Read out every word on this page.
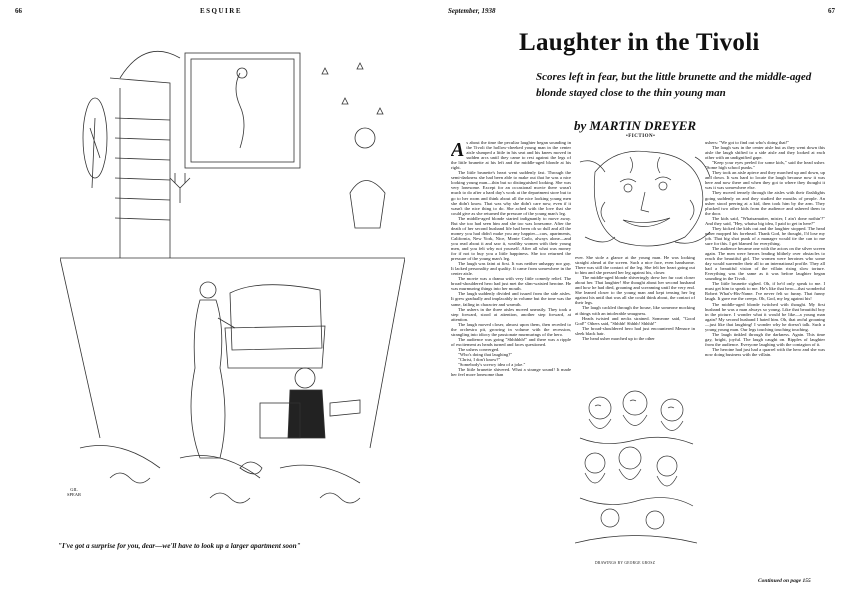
66	ESQUIRE	September, 1938	67
GIL SPEAR
"I've got a surprise for you, dear—we'll have to look up a larger apartment soon"
Laughter in the Tivoli
Scores left in fear, but the little brunette and the middle-aged blonde stayed close to the thin young man
by MARTIN DREYER
•FICTION•
A s about the time the peculiar laughter began sounding in the Tivoli the hollow-cheeked young man in the center aisle slumped a little in his seat and his knees moved in sudden arcs until they came to rest against the legs of the little brunette at his left and the middle-aged blonde at his right.

The little brunette's heart went suddenly fast. Through the semi-darkness she had been able to make out that he was a nice looking young man—thin but so distinguished looking. She was very lonesome. Except for an occasional movie there wasn't much to do after a hard day's work at the department store but to go to her room and think about all the nice looking young men she didn't know. That was why she didn't care now, even if it wasn't the nice thing to do. She ached with the love that she could give as she returned the pressure of the young man's leg.

The middle-aged blonde started indignantly to move away. But she too had seen him and she too was lonesome. After the death of her second husband life had been oh so dull and all the money you had didn't make you any happier—cars, apartments, California, New York, Nice, Monte Carlo, always alone—and you read about it and saw it, wealthy women with their young men, and you felt why not yourself. After all what was money for if not to buy you a little happiness. She too returned the pressure of the young man's leg.

The laugh was faint at first. It was neither unhappy nor gay. It lacked personality and quality. It came from somewhere in the center aisle.

The movie was a drama with very little comedy relief. The broad-shouldered hero had just met the slim-waisted heroine. He was murmuring things into her mouth.

The laugh suddenly divided and issued from the side aisles. It grew gradually and implacably in volume but the tone was the same, failing in character and warmth.

The ushers in the three aisles moved uneasily. They took a step forward, stood at attention, another step forward, at attention.

The laugh moved closer, almost upon them, then receded to the orchestra pit, growing in volume with the recession, strangling into idiocy the passionate murmurings of the hero.

The audience was going "Shhhhhh!" and there was a ripple of excitement as heads turned and faces questioned.

The ushers converged.

"Who's doing that laughing?"

"Christ, I don't know?"

"Somebody's screwy idea of a joke."

The little brunette shivered. What a strange sound! It made her feel more lonesome than

ever. She stole a glance at the young man. He was looking straight ahead at the screen. Such a nice face, even handsome. There was still the contact of the leg. She felt her heart going out to him and she pressed her leg against his, closer.

The middle-aged blonde shiveringly drew her fur coat closer about her. That laughter! She thought about her second husband and how he had died, groaning and screaming until the very end. She leaned closer to the young man and kept tensing her leg against his until that was all she could think about, the contact of their legs.

The laugh cackled through the house, like someone mocking at things with an intolerable smugness.

Heads twisted and necks strained. Someone said, "Good God!" Others said, "Shhhh! Shhhh! Shhhh!"

The broad-shouldered hero had just encountered Menace in sleek black hair.

The head usher marched up to the other

DRAWINGS BY GEORGE GROSZ

ushers: "We got to find out who's doing that!"

The laugh was in the center aisle but as they went down this aisle the laugh shifted to a side aisle and they looked at each other with an undignified gape.

"Keep your eyes peeled for some kids," said the head usher. "Some high school punks."

They took an aisle apiece and they marched up and down, up and down. It was hard to locate the laugh because now it was here and now there and when they got to where they thought it was it was somewhere else.

They moved tensely through the aisles with their flashlights going suddenly on and they studied the mouths of people. An usher stood peering at a kid, then took him by the arm. They plucked two other kids from the audience and ushered them to the door.

The kids said, "Whatsamatter, mister, I ain't done nothin'?" And they said, "Hey, whatsa big idea, I paid to get in here?"

They kicked the kids out and the laughter stopped. The head usher mopped his forehead. Thank God, he thought, I'd lose my job. That big shot punk of a manager would tie the can to me sure for this. I get blamed for everything.

The audience became one with the actors on the silver screen again. The men were heroes leading blithely over obstacles to reach the beautiful girl. The women were heroines who some day would surrender their all to an international profile. They all had a beautiful vision of the villain rising slow torture. Everything was the same as it was before laughter began sounding in the Tivoli.

The little brunette sighed. Oh, if he'd only speak to me. I must get him to speak to me. He's like that hero—that wonderful Robert What's-His-Name. I've never felt so funny. That funny laugh. It gave me the creeps. Oh, God, my leg against his!

The middle-aged blonde twitched with thought. My first husband he was a man always so young. Like that beautiful boy in the picture. I wonder what it would be like—a young man again? My second husband I hated him. Oh, that awful groaning—just like that laughing! I wonder why he doesn't talk. Such a young young man. Our legs touching touching touching.

The laugh tinkled through the darkness. Again. This time gay, bright, joyful. The laugh caught on. Ripples of laughter from the audience. Everyone laughing with the contagion of it.

The heroine had just had a quarrel with the hero and she was now doing business with the villain.

Continued on page 155
